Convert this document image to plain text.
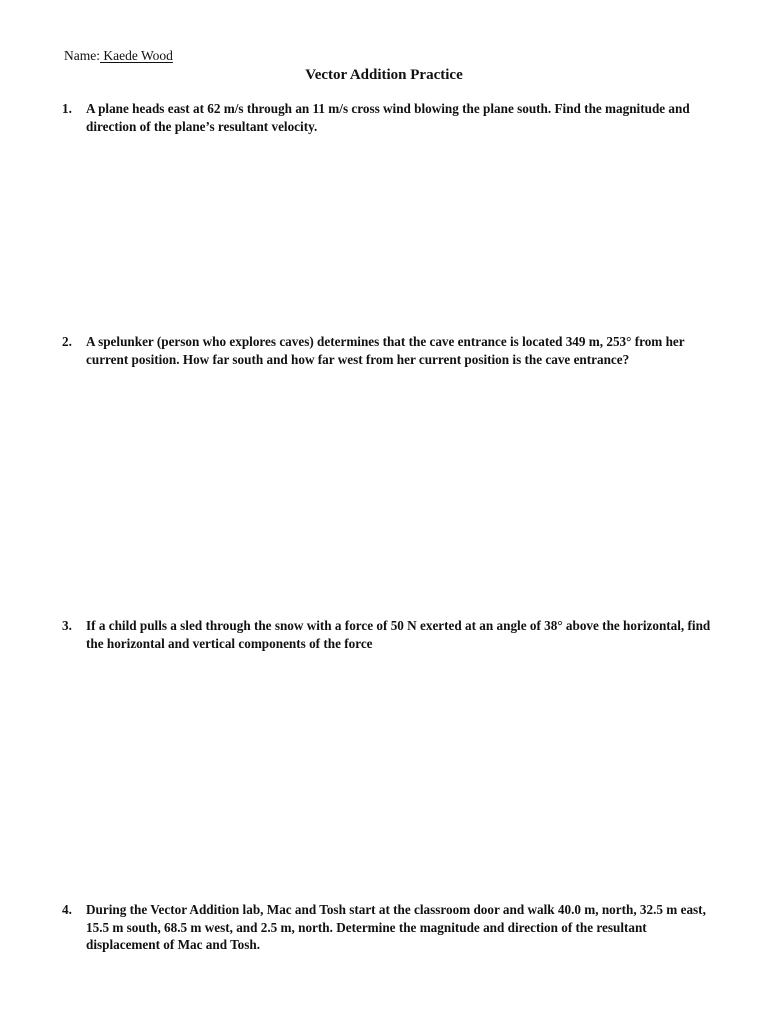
Name: Kaede Wood
Vector Addition Practice
1.	A plane heads east at 62 m/s through an 11 m/s cross wind blowing the plane south. Find the magnitude and direction of the plane’s resultant velocity.
2.	A spelunker (person who explores caves) determines that the cave entrance is located 349 m, 253° from her current position. How far south and how far west from her current position is the cave entrance?
3.	If a child pulls a sled through the snow with a force of 50 N exerted at an angle of 38° above the horizontal, find the horizontal and vertical components of the force
4.	During the Vector Addition lab, Mac and Tosh start at the classroom door and walk 40.0 m, north, 32.5 m east, 15.5 m south, 68.5 m west, and 2.5 m, north. Determine the magnitude and direction of the resultant displacement of Mac and Tosh.
